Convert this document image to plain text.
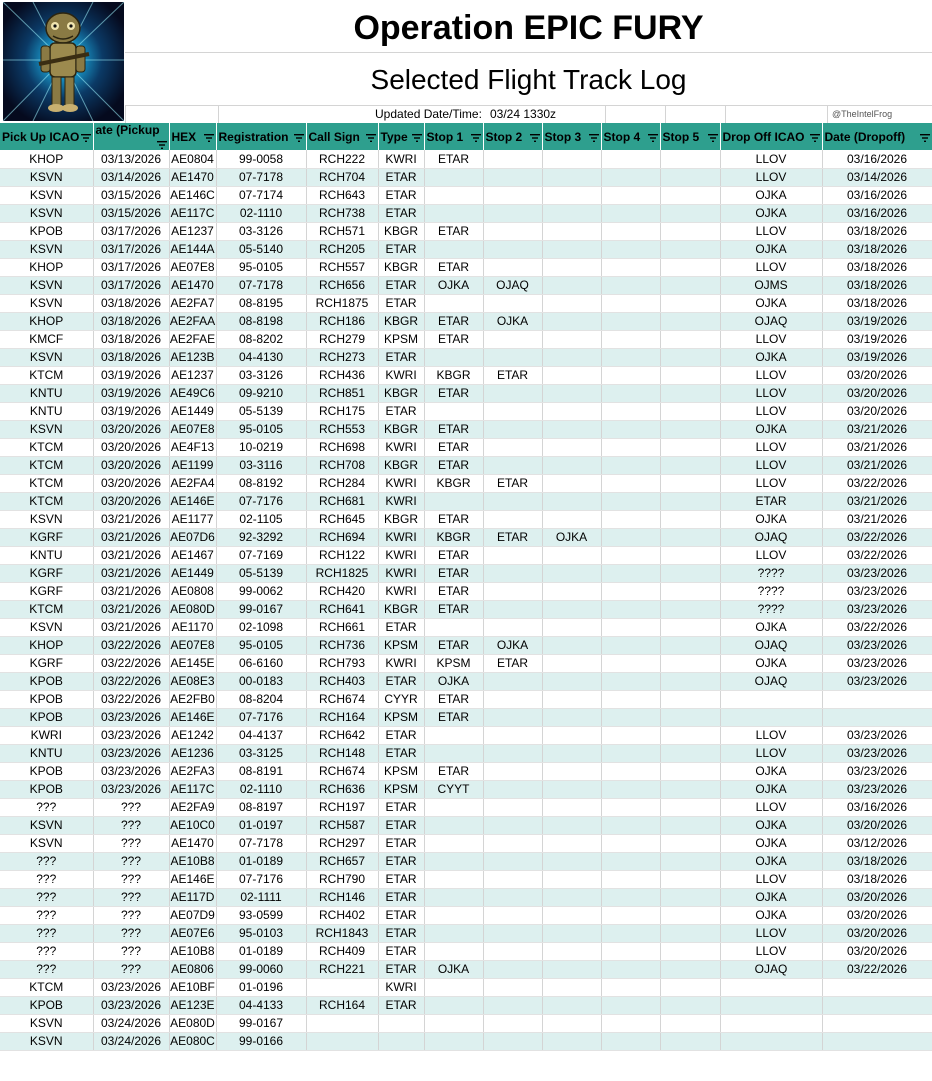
Operation EPIC FURY
Selected Flight Track Log
Updated Date/Time: 03/24 1330z	@TheIntelFrog
Pick Up ICAO	ate (Pickup	HEX	Registration	Call Sign	Type	Stop 1	Stop 2	Stop 3	Stop 4	Stop 5	Drop Off ICAO	Date (Dropoff)

KHOP	03/13/2026	AE0804	99-0058	RCH222	KWRI	ETAR					LLOV	03/16/2026
KSVN	03/14/2026	AE1470	07-7178	RCH704	ETAR						LLOV	03/14/2026
KSVN	03/15/2026	AE146C	07-7174	RCH643	ETAR						OJKA	03/16/2026
KSVN	03/15/2026	AE117C	02-1110	RCH738	ETAR						OJKA	03/16/2026
KPOB	03/17/2026	AE1237	03-3126	RCH571	KBGR	ETAR					LLOV	03/18/2026
KSVN	03/17/2026	AE144A	05-5140	RCH205	ETAR						OJKA	03/18/2026
KHOP	03/17/2026	AE07E8	95-0105	RCH557	KBGR	ETAR					LLOV	03/18/2026
KSVN	03/17/2026	AE1470	07-7178	RCH656	ETAR	OJKA	OJAQ				OJMS	03/18/2026
KSVN	03/18/2026	AE2FA7	08-8195	RCH1875	ETAR						OJKA	03/18/2026
KHOP	03/18/2026	AE2FAA	08-8198	RCH186	KBGR	ETAR	OJKA				OJAQ	03/19/2026
KMCF	03/18/2026	AE2FAE	08-8202	RCH279	KPSM	ETAR					LLOV	03/19/2026
KSVN	03/18/2026	AE123B	04-4130	RCH273	ETAR						OJKA	03/19/2026
KTCM	03/19/2026	AE1237	03-3126	RCH436	KWRI	KBGR	ETAR				LLOV	03/20/2026
KNTU	03/19/2026	AE49C6	09-9210	RCH851	KBGR	ETAR					LLOV	03/20/2026
KNTU	03/19/2026	AE1449	05-5139	RCH175	ETAR						LLOV	03/20/2026
KSVN	03/20/2026	AE07E8	95-0105	RCH553	KBGR	ETAR					OJKA	03/21/2026
KTCM	03/20/2026	AE4F13	10-0219	RCH698	KWRI	ETAR					LLOV	03/21/2026
KTCM	03/20/2026	AE1199	03-3116	RCH708	KBGR	ETAR					LLOV	03/21/2026
KTCM	03/20/2026	AE2FA4	08-8192	RCH284	KWRI	KBGR	ETAR				LLOV	03/22/2026
KTCM	03/20/2026	AE146E	07-7176	RCH681	KWRI						ETAR	03/21/2026
KSVN	03/21/2026	AE1177	02-1105	RCH645	KBGR	ETAR					OJKA	03/21/2026
KGRF	03/21/2026	AE07D6	92-3292	RCH694	KWRI	KBGR	ETAR	OJKA			OJAQ	03/22/2026
KNTU	03/21/2026	AE1467	07-7169	RCH122	KWRI	ETAR					LLOV	03/22/2026
KGRF	03/21/2026	AE1449	05-5139	RCH1825	KWRI	ETAR					????	03/23/2026
KGRF	03/21/2026	AE0808	99-0062	RCH420	KWRI	ETAR					????	03/23/2026
KTCM	03/21/2026	AE080D	99-0167	RCH641	KBGR	ETAR					????	03/23/2026
KSVN	03/21/2026	AE1170	02-1098	RCH661	ETAR						OJKA	03/22/2026
KHOP	03/22/2026	AE07E8	95-0105	RCH736	KPSM	ETAR	OJKA				OJAQ	03/23/2026
KGRF	03/22/2026	AE145E	06-6160	RCH793	KWRI	KPSM	ETAR				OJKA	03/23/2026
KPOB	03/22/2026	AE08E3	00-0183	RCH403	ETAR	OJKA					OJAQ	03/23/2026
KPOB	03/22/2026	AE2FB0	08-8204	RCH674	CYYR	ETAR						
KPOB	03/23/2026	AE146E	07-7176	RCH164	KPSM	ETAR						
KWRI	03/23/2026	AE1242	04-4137	RCH642	ETAR						LLOV	03/23/2026
KNTU	03/23/2026	AE1236	03-3125	RCH148	ETAR						LLOV	03/23/2026
KPOB	03/23/2026	AE2FA3	08-8191	RCH674	KPSM	ETAR					OJKA	03/23/2026
KPOB	03/23/2026	AE117C	02-1110	RCH636	KPSM	CYYT					OJKA	03/23/2026
???	???	AE2FA9	08-8197	RCH197	ETAR						LLOV	03/16/2026
KSVN	???	AE10C0	01-0197	RCH587	ETAR						OJKA	03/20/2026
KSVN	???	AE1470	07-7178	RCH297	ETAR						OJKA	03/12/2026
???	???	AE10B8	01-0189	RCH657	ETAR						OJKA	03/18/2026
???	???	AE146E	07-7176	RCH790	ETAR						LLOV	03/18/2026
???	???	AE117D	02-1111	RCH146	ETAR						OJKA	03/20/2026
???	???	AE07D9	93-0599	RCH402	ETAR						OJKA	03/20/2026
???	???	AE07E6	95-0103	RCH1843	ETAR						LLOV	03/20/2026
???	???	AE10B8	01-0189	RCH409	ETAR						LLOV	03/20/2026
???	???	AE0806	99-0060	RCH221	ETAR	OJKA					OJAQ	03/22/2026
KTCM	03/23/2026	AE10BF	01-0196		KWRI							
KPOB	03/23/2026	AE123E	04-4133	RCH164	ETAR							
KSVN	03/24/2026	AE080D	99-0167									
KSVN	03/24/2026	AE080C	99-0166									
